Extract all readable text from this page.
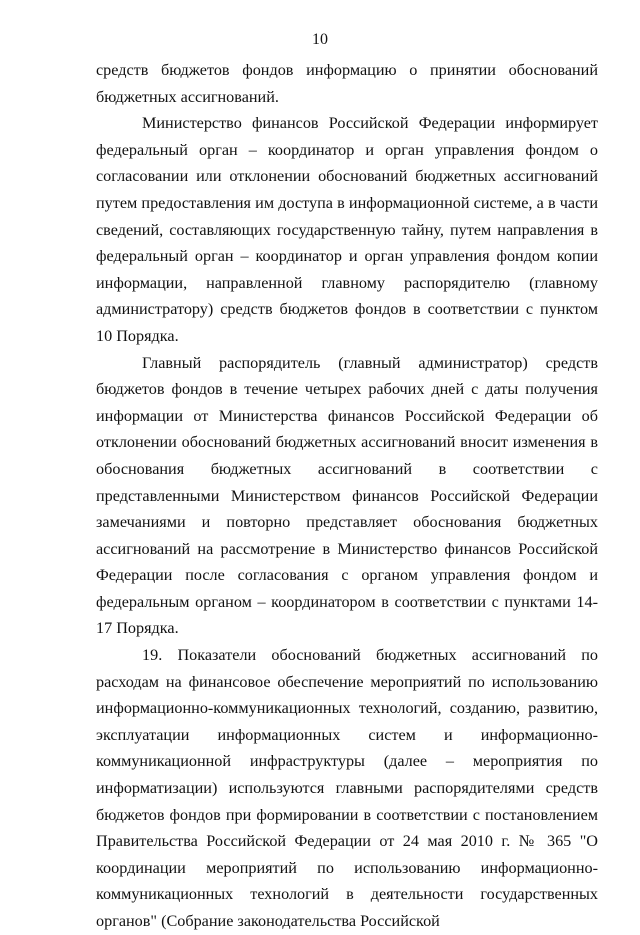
10

средств бюджетов фондов информацию о принятии обоснований бюджетных ассигнований.

Министерство финансов Российской Федерации информирует федеральный орган – координатор и орган управления фондом о согласовании или отклонении обоснований бюджетных ассигнований путем предоставления им доступа в информационной системе, а в части сведений, составляющих государственную тайну, путем направления в федеральный орган – координатор и орган управления фондом копии информации, направленной главному распорядителю (главному администратору) средств бюджетов фондов в соответствии с пунктом 10 Порядка.

Главный распорядитель (главный администратор) средств бюджетов фондов в течение четырех рабочих дней с даты получения информации от Министерства финансов Российской Федерации об отклонении обоснований бюджетных ассигнований вносит изменения в обоснования бюджетных ассигнований в соответствии с представленными Министерством финансов Российской Федерации замечаниями и повторно представляет обоснования бюджетных ассигнований на рассмотрение в Министерство финансов Российской Федерации после согласования с органом управления фондом и федеральным органом – координатором в соответствии с пунктами 14-17 Порядка.

19. Показатели обоснований бюджетных ассигнований по расходам на финансовое обеспечение мероприятий по использованию информационно-коммуникационных технологий, созданию, развитию, эксплуатации информационных систем и информационно-коммуникационной инфраструктуры (далее – мероприятия по информатизации) используются главными распорядителями средств бюджетов фондов при формировании в соответствии с постановлением Правительства Российской Федерации от 24 мая 2010 г. № 365 "О координации мероприятий по использованию информационно-коммуникационных технологий в деятельности государственных органов" (Собрание законодательства Российской
